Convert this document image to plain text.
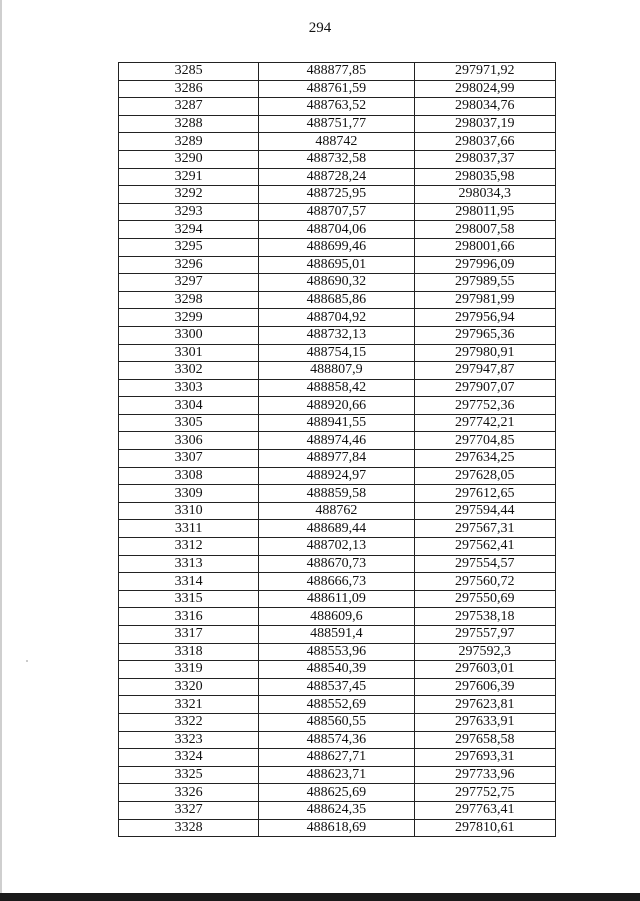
294
3285	488877,85	297971,92
3286	488761,59	298024,99
3287	488763,52	298034,76
3288	488751,77	298037,19
3289	488742	298037,66
3290	488732,58	298037,37
3291	488728,24	298035,98
3292	488725,95	298034,3
3293	488707,57	298011,95
3294	488704,06	298007,58
3295	488699,46	298001,66
3296	488695,01	297996,09
3297	488690,32	297989,55
3298	488685,86	297981,99
3299	488704,92	297956,94
3300	488732,13	297965,36
3301	488754,15	297980,91
3302	488807,9	297947,87
3303	488858,42	297907,07
3304	488920,66	297752,36
3305	488941,55	297742,21
3306	488974,46	297704,85
3307	488977,84	297634,25
3308	488924,97	297628,05
3309	488859,58	297612,65
3310	488762	297594,44
3311	488689,44	297567,31
3312	488702,13	297562,41
3313	488670,73	297554,57
3314	488666,73	297560,72
3315	488611,09	297550,69
3316	488609,6	297538,18
3317	488591,4	297557,97
3318	488553,96	297592,3
3319	488540,39	297603,01
3320	488537,45	297606,39
3321	488552,69	297623,81
3322	488560,55	297633,91
3323	488574,36	297658,58
3324	488627,71	297693,31
3325	488623,71	297733,96
3326	488625,69	297752,75
3327	488624,35	297763,41
3328	488618,69	297810,61
